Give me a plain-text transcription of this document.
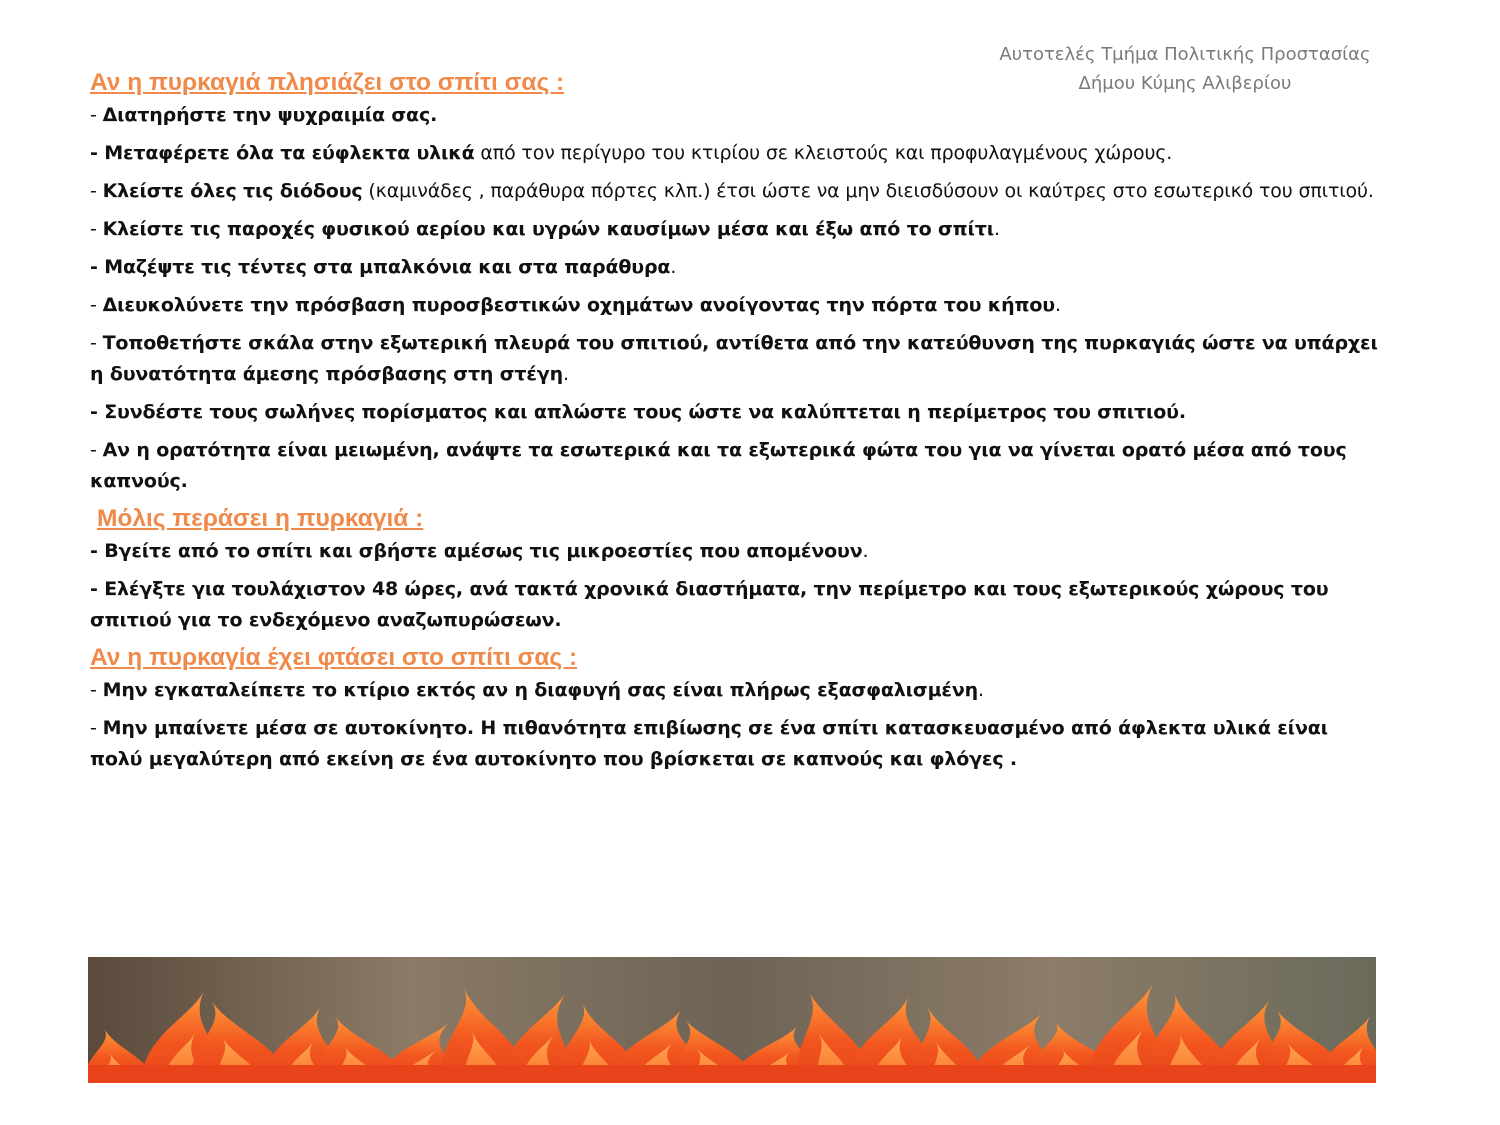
Αυτοτελές Τμήμα Πολιτικής Προστασίας
Δήμου Κύμης Αλιβερίου
Αν η πυρκαγιά πλησιάζει στο σπίτι σας :
- Διατηρήστε την ψυχραιμία σας.
- Μεταφέρετε όλα τα εύφλεκτα υλικά από τον περίγυρο του κτιρίου σε κλειστούς και προφυλαγμένους χώρους.
- Κλείστε όλες τις διόδους (καμινάδες , παράθυρα πόρτες κλπ.) έτσι ώστε να μην διεισδύσουν οι καύτρες στο εσωτερικό του σπιτιού.
- Κλείστε τις παροχές φυσικού αερίου και υγρών καυσίμων μέσα και έξω από το σπίτι.
- Μαζέψτε τις τέντες στα μπαλκόνια και στα παράθυρα.
- Διευκολύνετε την πρόσβαση πυροσβεστικών οχημάτων ανοίγοντας την πόρτα του κήπου.
- Τοποθετήστε σκάλα στην εξωτερική πλευρά του σπιτιού, αντίθετα από την κατεύθυνση της πυρκαγιάς ώστε να υπάρχει η δυνατότητα άμεσης πρόσβασης στη στέγη.
- Συνδέστε τους σωλήνες πορίσματος και απλώστε τους ώστε να καλύπτεται η περίμετρος του σπιτιού.
- Αν η ορατότητα είναι μειωμένη, ανάψτε τα εσωτερικά και τα εξωτερικά φώτα του για να γίνεται ορατό μέσα από τους καπνούς.
Μόλις περάσει η πυρκαγιά :
- Βγείτε από το σπίτι και σβήστε αμέσως τις μικροεστίες που απομένουν.
- Ελέγξτε για τουλάχιστον 48 ώρες, ανά τακτά χρονικά διαστήματα, την περίμετρο και τους εξωτερικούς χώρους του σπιτιού για το ενδεχόμενο αναζωπυρώσεων.
Αν η πυρκαγία έχει φτάσει στο σπίτι σας :
- Μην εγκαταλείπετε το κτίριο εκτός αν η διαφυγή σας είναι πλήρως εξασφαλισμένη.
- Μην μπαίνετε μέσα σε αυτοκίνητο. Η πιθανότητα επιβίωσης σε ένα σπίτι κατασκευασμένο από άφλεκτα υλικά είναι πολύ μεγαλύτερη από εκείνη σε ένα αυτοκίνητο που βρίσκεται σε καπνούς και φλόγες .
